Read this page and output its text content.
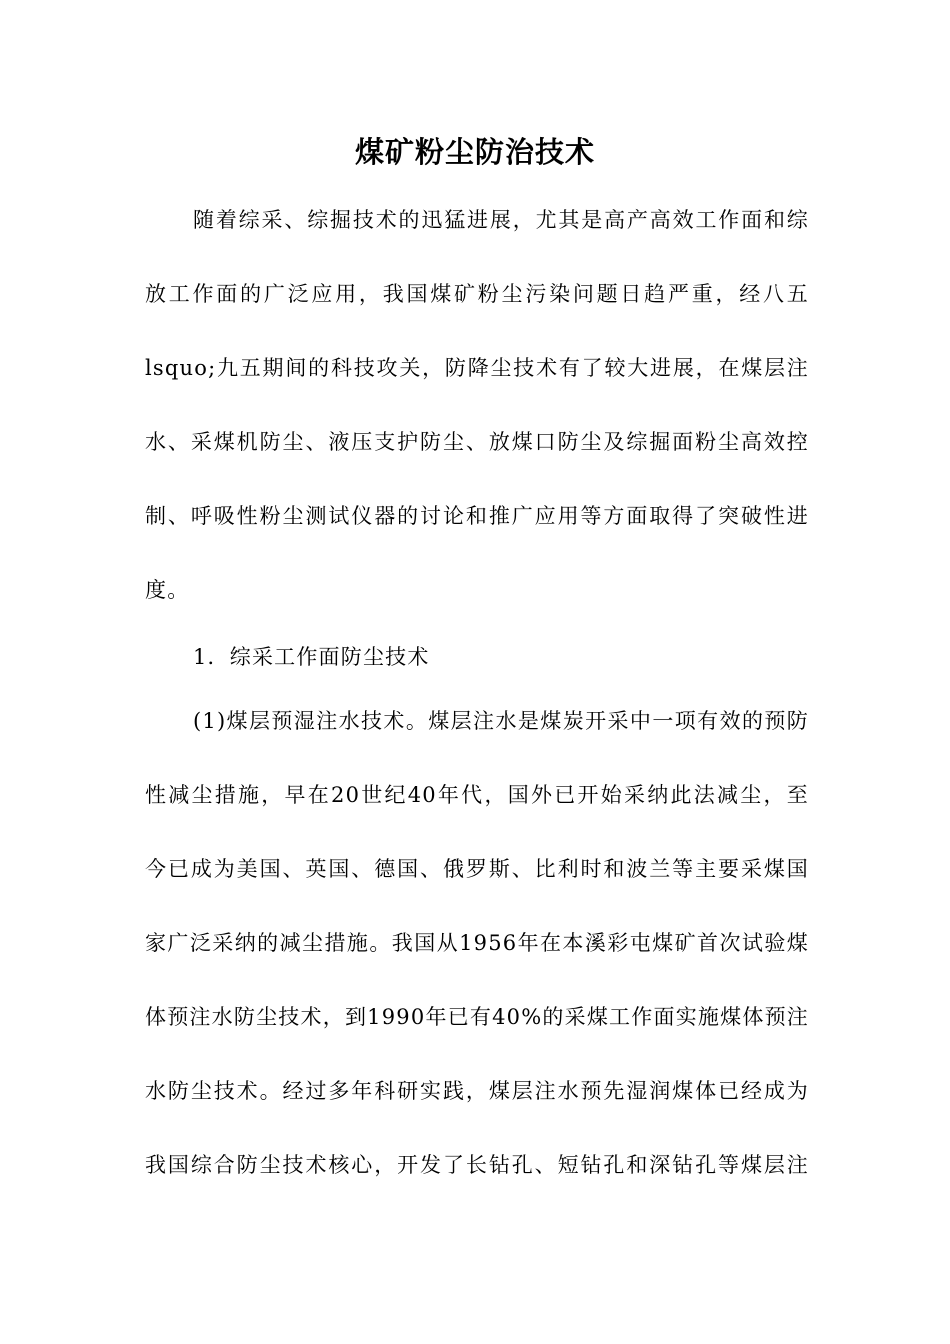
煤矿粉尘防治技术
随着综采、综掘技术的迅猛进展，尤其是高产高效工作面和综
放工作面的广泛应用，我国煤矿粉尘污染问题日趋严重，经八五
lsquo;九五期间的科技攻关，防降尘技术有了较大进展，在煤层注
水、采煤机防尘、液压支护防尘、放煤口防尘及综掘面粉尘高效控
制、呼吸性粉尘测试仪器的讨论和推广应用等方面取得了突破性进
度。
1．综采工作面防尘技术
(1)煤层预湿注水技术。煤层注水是煤炭开采中一项有效的预防
性减尘措施，早在20世纪40年代，国外已开始采纳此法减尘，至
今已成为美国、英国、德国、俄罗斯、比利时和波兰等主要采煤国
家广泛采纳的减尘措施。我国从1956年在本溪彩屯煤矿首次试验煤
体预注水防尘技术，到1990年已有40%的采煤工作面实施煤体预注
水防尘技术。经过多年科研实践，煤层注水预先湿润煤体已经成为
我国综合防尘技术核心，开发了长钻孔、短钻孔和深钻孔等煤层注
